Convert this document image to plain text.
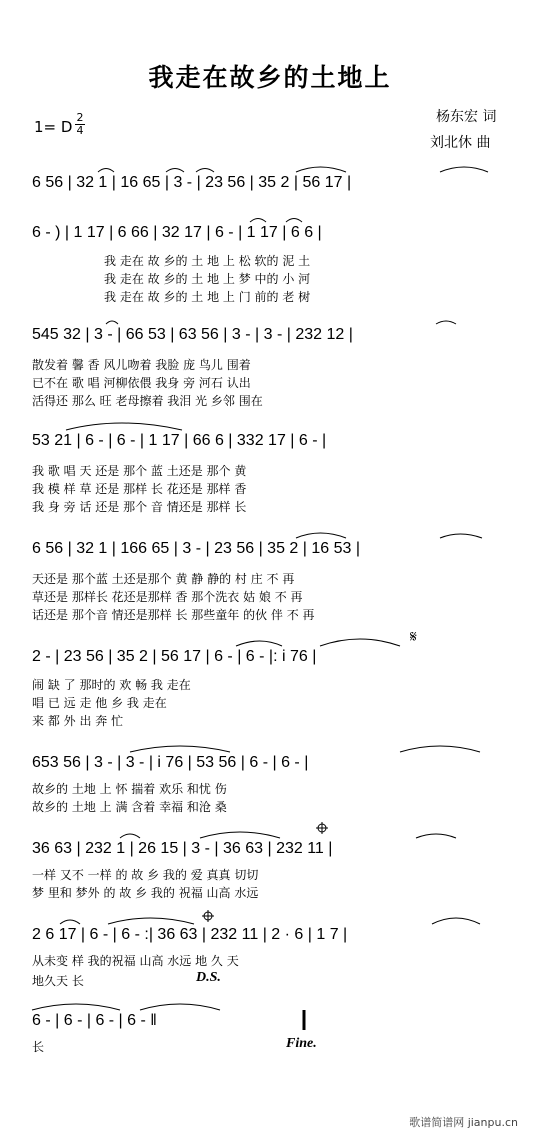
我走在故乡的土地上
杨东宏 词
刘北休 曲
1= D
2
4
6 56 | 32 1 | 16 65 | 3 - | 23 56 | 35 2 | 56 17 |
6 - ) | 1 17 | 6 66 | 32 17 | 6 - | 1 17 | 6 6 |
我 走在 故 乡的 土 地 上 松 软的 泥 土
我 走在 故 乡的 土 地 上 梦 中的 小 河
我 走在 故 乡的 土 地 上 门 前的 老 树
545 32 | 3 - | 66 53 | 63 56 | 3 - | 3 - | 232 12 |
散发着 馨 香 风儿吻着 我脸 庞 鸟儿 围着
已不在 歌 唱 河柳依偎 我身 旁 河石 认出
活得还 那么 旺 老母擦着 我泪 光 乡邻 围在
53 21 | 6 - | 6 - | 1 17 | 66 6 | 332 17 | 6 - |
我 歌 唱 天 还是 那个 蓝 土还是 那个 黄
我 模 样 草 还是 那样 长 花还是 那样 香
我 身 旁 话 还是 那个 音 情还是 那样 长
6 56 | 32 1 | 166 65 | 3 - | 23 56 | 35 2 | 16 53 |
天还是 那个蓝 土还是那个 黄 静 静的 村 庄 不 再
草还是 那样长 花还是那样 香 那个洗衣 姑 娘 不 再
话还是 那个音 情还是那样 长 那些童年 的伙 伴 不 再
2 - | 23 56 | 35 2 | 56 17 | 6 - | 6 - |: i 76 |
闹 缺 了 那时的 欢 畅 我 走在
唱 已 远 走 他 乡 我 走在
来 都 外 出 奔 忙
653 56 | 3 - | 3 - | i 76 | 53 56 | 6 - | 6 - |
故乡的 土地 上 怀 揣着 欢乐 和忧 伤
故乡的 土地 上 满 含着 幸福 和沧 桑
36 63 | 232 1 | 26 15 | 3 - | 36 63 | 232 11 |
一样 又不 一样 的 故 乡 我的 爱 真真 切切
梦 里和 梦外 的 故 乡 我的 祝福 山高 水远
2 6 17 | 6 - | 6 - :| 36 63 | 232 11 | 2 · 6 | 1 7 |
从未变 样 我的祝福 山高 水远 地 久 天
地久天 长	D.S.
6 - | 6 - | 6 - | 6 - ‖
长	Fine.
𝄋
歌谱简谱网 jianpu.cn
